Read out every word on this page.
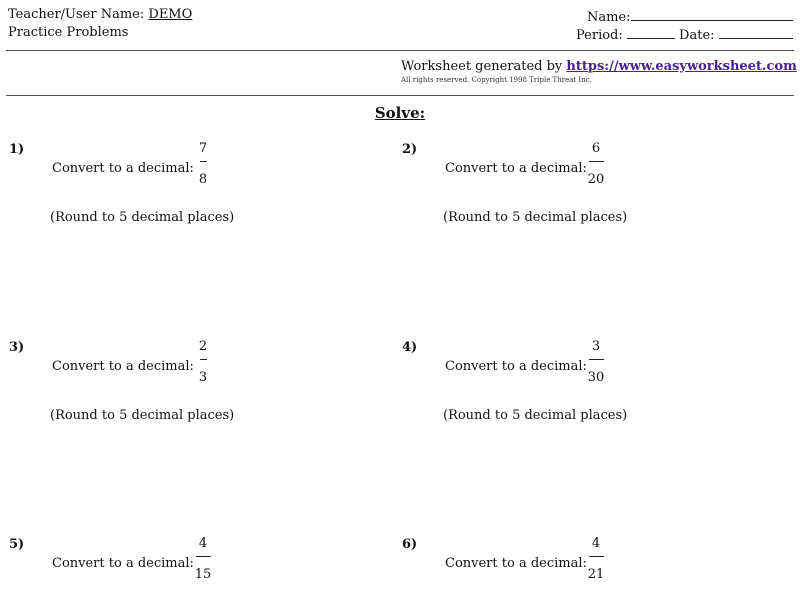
Teacher/User Name: DEMO
Practice Problems
Name:
Period:	Date:
Worksheet generated by https://www.easyworksheet.com
All rights reserved. Copyright 1998 Triple Threat Inc.
Solve:
1)
Convert to a decimal:
7
8
(Round to 5 decimal places)
2)
Convert to a decimal:
6
20
(Round to 5 decimal places)
3)
Convert to a decimal:
2
3
(Round to 5 decimal places)
4)
Convert to a decimal:
3
30
(Round to 5 decimal places)
5)
Convert to a decimal:
4
15
6)
Convert to a decimal:
4
21
